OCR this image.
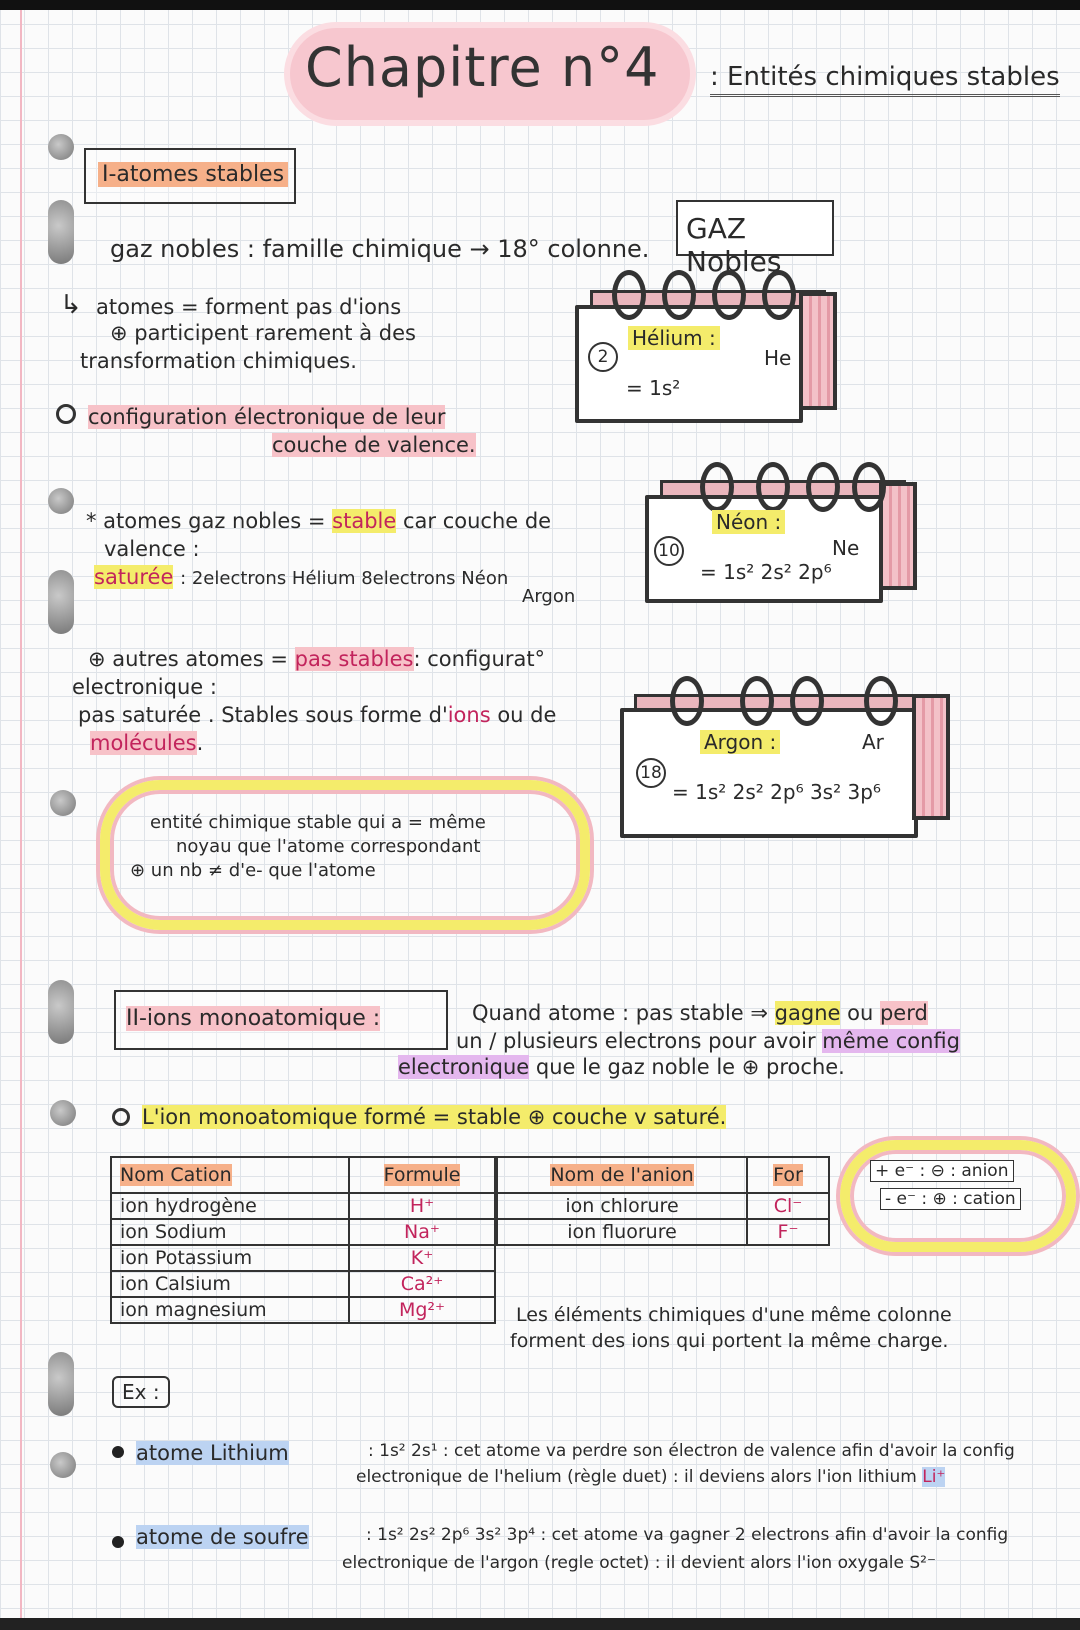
Chapitre n°4 : Entités chimiques stables
I-atomes stables
gaz nobles : famille chimique → 18° colonne.
↳ atomes = forment pas d'ions
⊕ participent rarement à des
transformation chimiques.
configuration électronique de leur
couche de valence.
* atomes gaz nobles = stable car couche de
valence :
saturée : 2electrons Hélium 8electrons Néon
Argon
⊕ autres atomes = pas stables: configurat°
electronique :
pas saturée . Stables sous forme d'ions ou de
molécules.
entité chimique stable qui a = même
noyau que l'atome correspondant
⊕ un nb ≠ d'e- que l'atome
GAZ Nobles
2
Hélium :
He
= 1s²
10
Néon :
Ne
= 1s² 2s² 2p⁶
18
Argon :	Ar
= 1s² 2s² 2p⁶ 3s² 3p⁶
II-ions monoatomique :	Quand atome : pas stable ⇒ gagne ou perd
un / plusieurs electrons pour avoir même config
electronique que le gaz noble le ⊕ proche.
L'ion monoatomique formé = stable ⊕ couche v saturé.
+ e⁻ : ⊖ : anion
- e⁻ : ⊕ : cation
Nom Cation	Formule
ion hydrogène	H⁺
ion Sodium	Na⁺
ion Potassium	K⁺
ion Calsium	Ca²⁺
ion magnesium	Mg²⁺
Nom de l'anion	For
ion chlorure	Cl⁻
ion fluorure	F⁻
Les éléments chimiques d'une même colonne
forment des ions qui portent la même charge.
Ex :
atome Lithium	: 1s² 2s¹ : cet atome va perdre son électron de valence afin d'avoir la config
electronique de l'helium (règle duet) : il deviens alors l'ion lithium Li⁺
atome de soufre	: 1s² 2s² 2p⁶ 3s² 3p⁴ : cet atome va gagner 2 electrons afin d'avoir la config
electronique de l'argon (regle octet) : il devient alors l'ion oxygale S²⁻
